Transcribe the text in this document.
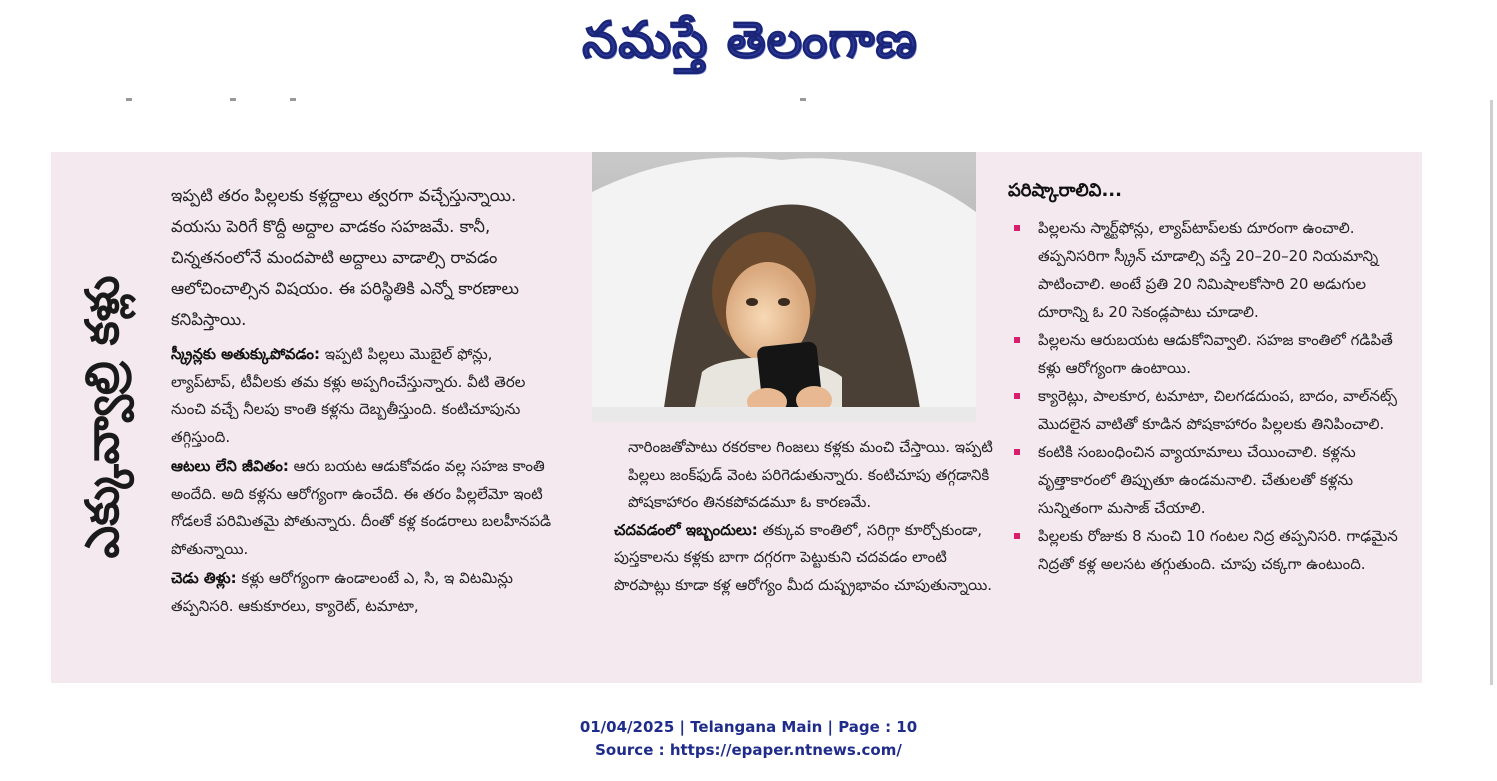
నమస్తే తెలంగాణ
ఎక్కువ్వాల్రి కళ్లు

ఇప్పటి తరం పిల్లలకు కళ్లద్దాలు త్వరగా వచ్చేస్తున్నాయి. వయసు పెరిగే కొద్దీ అద్దాల వాడకం సహజమే. కానీ, చిన్నతనంలోనే మందపాటి అద్దాలు వాడాల్సి రావడం ఆలోచించాల్సిన విషయం. ఈ పరిస్థితికి ఎన్నో కారణాలు కనిపిస్తాయి.

స్క్రీన్లకు అతుక్కుపోవడం: ఇప్పటి పిల్లలు మొబైల్ ఫోన్లు, ల్యాప్‌టాప్, టీవీలకు తమ కళ్లు అప్పగించేస్తున్నారు. వీటి తెరల నుంచి వచ్చే నీలపు కాంతి కళ్లను దెబ్బతీస్తుంది. కంటిచూపును తగ్గిస్తుంది.

ఆటలు లేని జీవితం: ఆరు బయట ఆడుకోవడం వల్ల సహజ కాంతి అందేది. అది కళ్లను ఆరోగ్యంగా ఉంచేది. ఈ తరం పిల్లలేమో ఇంటి గోడలకే పరిమితమై పోతున్నారు. దీంతో కళ్ల కండరాలు బలహీనపడి పోతున్నాయి.

చెడు తిళ్లు: కళ్లు ఆరోగ్యంగా ఉండాలంటే ఎ, సి, ఇ విటమిన్లు తప్పనిసరి. ఆకుకూరలు, క్యారెట్, టమాటా,

నారింజతోపాటు రకరకాల గింజలు కళ్లకు మంచి చేస్తాయి. ఇప్పటి పిల్లలు జంక్‌ఫుడ్ వెంట పరిగెడుతున్నారు. కంటిచూపు తగ్గడానికి పోషకాహారం తినకపోవడమూ ఓ కారణమే.

చదవడంలో ఇబ్బందులు: తక్కువ కాంతిలో, సరిగ్గా కూర్చోకుండా, పుస్తకాలను కళ్లకు బాగా దగ్గరగా పెట్టుకుని చదవడం లాంటి పొరపాట్లు కూడా కళ్ల ఆరోగ్యం మీద దుష్ప్రభావం చూపుతున్నాయి.

పరిష్కారాలివి...
పిల్లలను స్మార్ట్‌ఫోన్లు, ల్యాప్‌టాప్‌లకు దూరంగా ఉంచాలి. తప్పనిసరిగా స్క్రీన్ చూడాల్సి వస్తే 20–20–20 నియమాన్ని పాటించాలి. అంటే ప్రతి 20 నిమిషాలకోసారి 20 అడుగుల దూరాన్ని ఓ 20 సెకండ్లపాటు చూడాలి.
పిల్లలను ఆరుబయట ఆడుకోనివ్వాలి. సహజ కాంతిలో గడిపితే కళ్లు ఆరోగ్యంగా ఉంటాయి.
క్యారెట్లు, పాలకూర, టమాటా, చిలగడదుంప, బాదం, వాల్‌నట్స్ మొదలైన వాటితో కూడిన పోషకాహారం పిల్లలకు తినిపించాలి.
కంటికి సంబంధించిన వ్యాయామాలు చేయించాలి. కళ్లను వృత్తాకారంలో తిప్పుతూ ఉండమనాలి. చేతులతో కళ్లను సున్నితంగా మసాజ్ చేయాలి.
పిల్లలకు రోజుకు 8 నుంచి 10 గంటల నిద్ర తప్పనిసరి. గాఢమైన నిద్రతో కళ్ల అలసట తగ్గుతుంది. చూపు చక్కగా ఉంటుంది.
01/04/2025 | Telangana Main | Page : 10
Source : https://epaper.ntnews.com/
